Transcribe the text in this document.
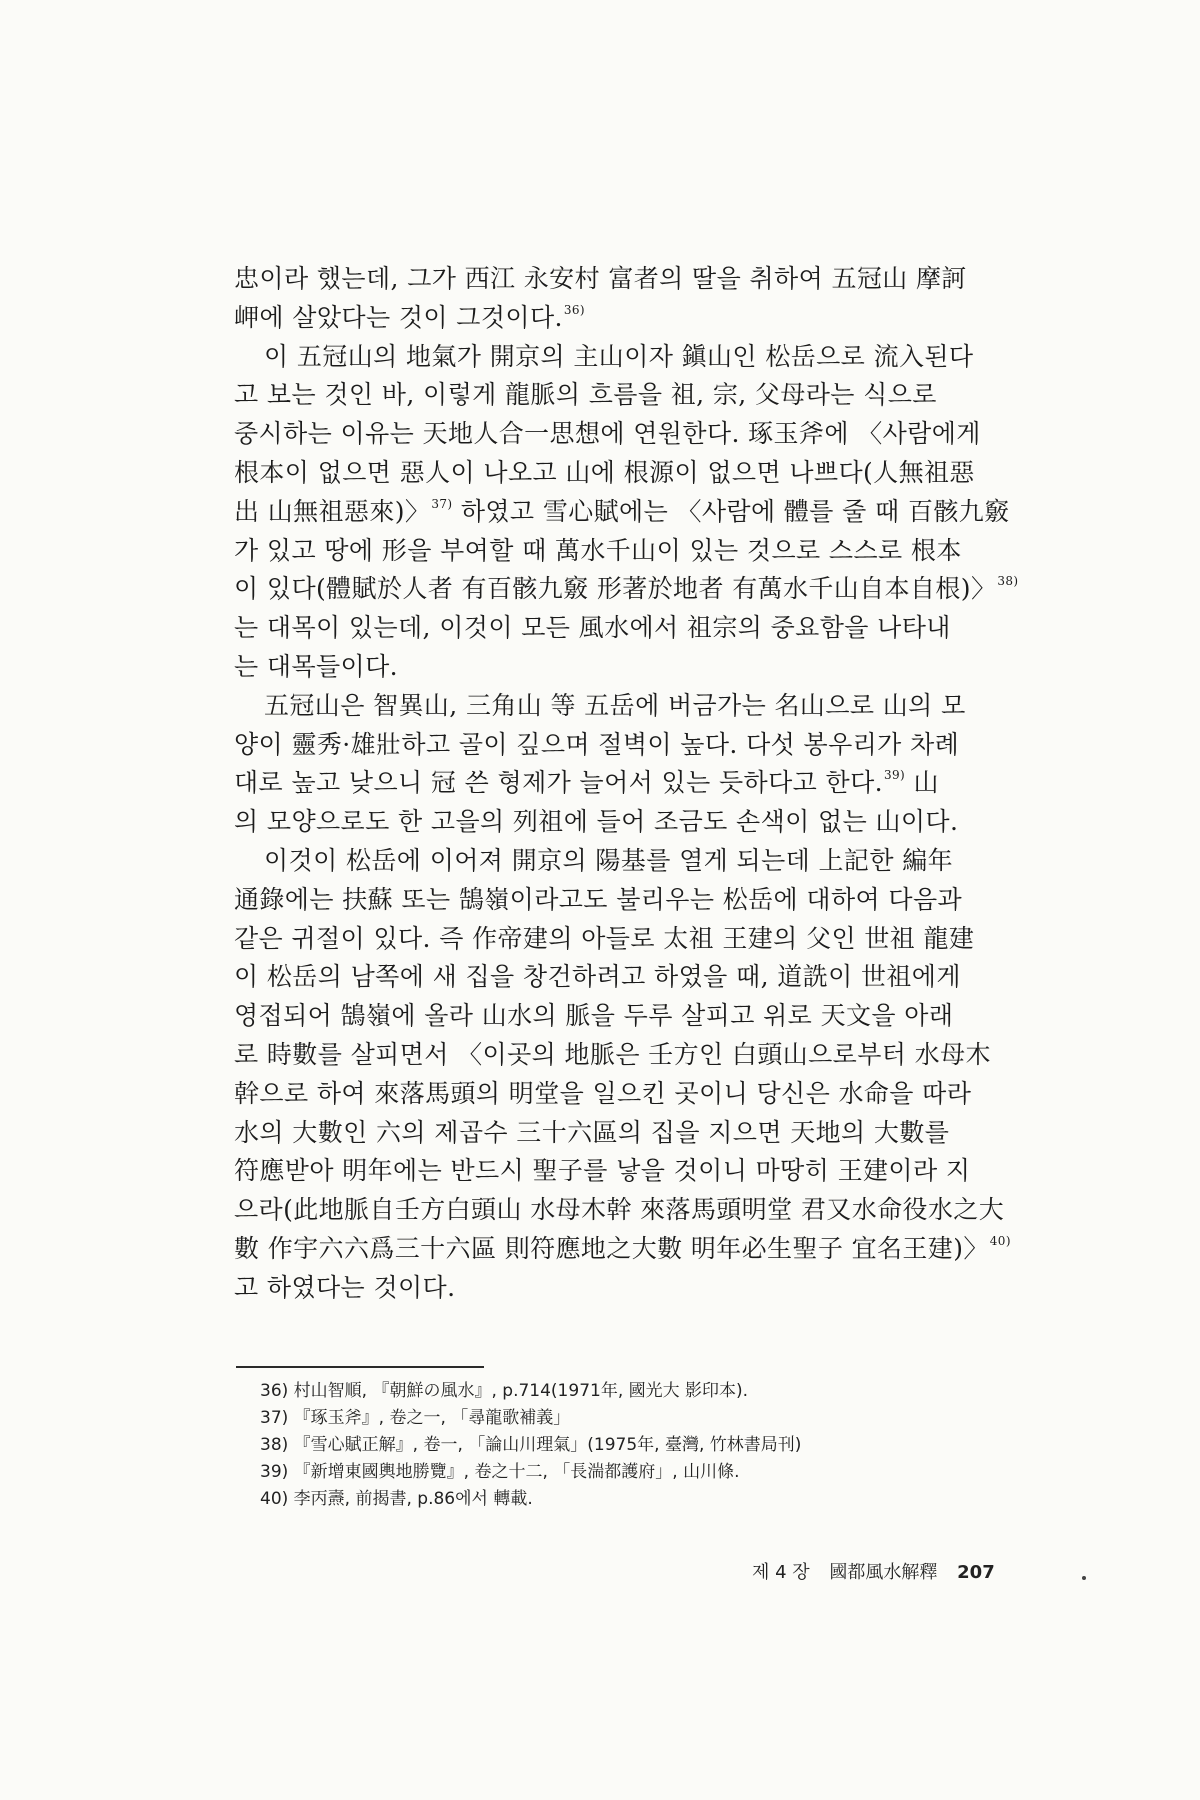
忠이라 했는데, 그가 西江 永安村 富者의 딸을 취하여 五冠山 摩訶
岬에 살았다는 것이 그것이다.$^{36)}$
이 五冠山의 地氣가 開京의 主山이자 鎭山인 松岳으로 流入된다
고 보는 것인 바, 이렇게 龍脈의 흐름을 祖, 宗, 父母라는 식으로
중시하는 이유는 天地人合一思想에 연원한다. 琢玉斧에 〈사람에게
根本이 없으면 惡人이 나오고 山에 根源이 없으면 나쁘다(人無祖惡
出 山無祖惡來)〉$^{37)}$ 하였고 雪心賦에는 〈사람에 體를 줄 때 百骸九竅
가 있고 땅에 形을 부여할 때 萬水千山이 있는 것으로 스스로 根本
이 있다(體賦於人者 有百骸九竅 形著於地者 有萬水千山自本自根)〉$^{38)}$
는 대목이 있는데, 이것이 모든 風水에서 祖宗의 중요함을 나타내
는 대목들이다.
五冠山은 智異山, 三角山 等 五岳에 버금가는 名山으로 山의 모
양이 靈秀·雄壯하고 골이 깊으며 절벽이 높다. 다섯 봉우리가 차례
대로 높고 낮으니 冠 쓴 형제가 늘어서 있는 듯하다고 한다.$^{39)}$ 山
의 모양으로도 한 고을의 列祖에 들어 조금도 손색이 없는 山이다.
이것이 松岳에 이어져 開京의 陽基를 열게 되는데 上記한 編年
通錄에는 扶蘇 또는 鵠嶺이라고도 불리우는 松岳에 대하여 다음과
같은 귀절이 있다. 즉 作帝建의 아들로 太祖 王建의 父인 世祖 龍建
이 松岳의 남쪽에 새 집을 창건하려고 하였을 때, 道詵이 世祖에게
영접되어 鵠嶺에 올라 山水의 脈을 두루 살피고 위로 天文을 아래
로 時數를 살피면서 〈이곳의 地脈은 壬方인 白頭山으로부터 水母木
幹으로 하여 來落馬頭의 明堂을 일으킨 곳이니 당신은 水命을 따라
水의 大數인 六의 제곱수 三十六區의 집을 지으면 天地의 大數를
符應받아 明年에는 반드시 聖子를 낳을 것이니 마땅히 王建이라 지
으라(此地脈自壬方白頭山 水母木幹 來落馬頭明堂 君又水命役水之大
數 作宇六六爲三十六區 則符應地之大數 明年必生聖子 宜名王建)〉$^{40)}$
고 하였다는 것이다.
36) 村山智順, 『朝鮮の風水』, p.714(1971年, 國光大 影印本).
37) 『琢玉斧』, 卷之一, 「尋龍歌補義」
38) 『雪心賦正解』, 卷一, 「論山川理氣」(1975年, 臺灣, 竹林書局刊)
39) 『新增東國輿地勝覽』, 卷之十二, 「長湍都護府」, 山川條.
40) 李丙燾, 前揭書, p.86에서 轉載.
제 4 장 國都風水解釋 207
